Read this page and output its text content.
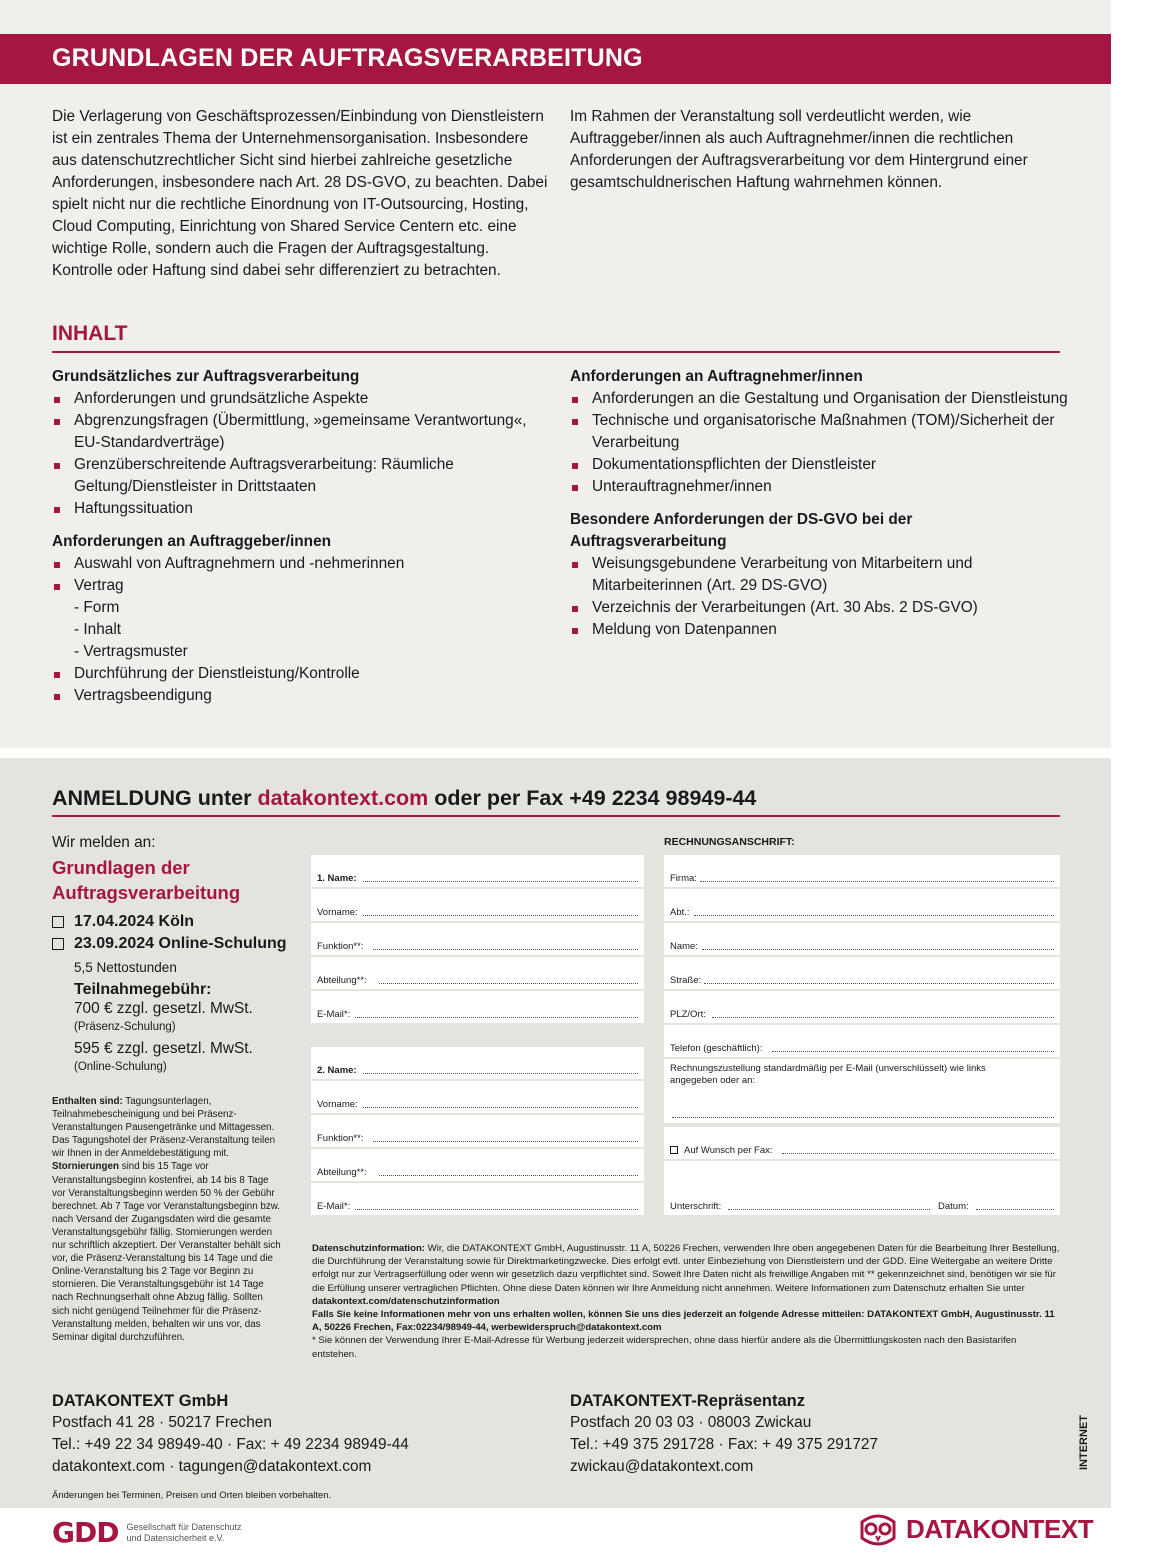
GRUNDLAGEN DER AUFTRAGSVERARBEITUNG

Die Verlagerung von Geschäftsprozessen/Einbindung von Dienstleistern ist ein zentrales Thema der Unternehmensorganisation. Insbesondere aus datenschutzrechtlicher Sicht sind hierbei zahlreiche gesetzliche Anforderungen, insbesondere nach Art. 28 DS-GVO, zu beachten. Dabei spielt nicht nur die rechtliche Einordnung von IT-Outsourcing, Hosting, Cloud Computing, Einrichtung von Shared Service Centern etc. eine wichtige Rolle, sondern auch die Fragen der Auftragsgestaltung. Kontrolle oder Haftung sind dabei sehr differenziert zu betrachten.

Im Rahmen der Veranstaltung soll verdeutlicht werden, wie Auftraggeber/innen als auch Auftragnehmer/innen die rechtlichen Anforderungen der Auftragsverarbeitung vor dem Hintergrund einer gesamtschuldnerischen Haftung wahrnehmen können.

INHALT
Grundsätzliches zur Auftragsverarbeitung
Anforderungen und grundsätzliche Aspekte
Abgrenzungsfragen (Übermittlung, »gemeinsame Verantwortung«, EU-Standardverträge)
Grenzüberschreitende Auftragsverarbeitung: Räumliche Geltung/Dienstleister in Drittstaaten
Haftungssituation
Anforderungen an Auftraggeber/innen
Auswahl von Auftragnehmern und -nehmerinnen
Vertrag
- Form
- Inhalt
- Vertragsmuster
Durchführung der Dienstleistung/Kontrolle
Vertragsbeendigung
Anforderungen an Auftragnehmer/innen
Anforderungen an die Gestaltung und Organisation der Dienstleistung
Technische und organisatorische Maßnahmen (TOM)/Sicherheit der Verarbeitung
Dokumentationspflichten der Dienstleister
Unterauftragnehmer/innen
Besondere Anforderungen der DS-GVO bei der Auftragsverarbeitung
Weisungsgebundene Verarbeitung von Mitarbeitern und Mitarbeiterinnen (Art. 29 DS-GVO)
Verzeichnis der Verarbeitungen (Art. 30 Abs. 2 DS-GVO)
Meldung von Datenpannen
ANMELDUNG unter datakontext.com oder per Fax +49 2234 98949-44
Wir melden an:
Grundlagen der Auftragsverarbeitung
17.04.2024 Köln
23.09.2024 Online-Schulung
5,5 Nettostunden
Teilnahmegebühr:
700 € zzgl. gesetzl. MwSt.
(Präsenz-Schulung)
595 € zzgl. gesetzl. MwSt.
(Online-Schulung)

Enthalten sind: Tagungsunterlagen, Teilnahmebescheinigung und bei Präsenz-Veranstaltungen Pausengetränke und Mittagessen. Das Tagungshotel der Präsenz-Veranstaltung teilen wir Ihnen in der Anmeldebestätigung mit. Stornierungen sind bis 15 Tage vor Veranstaltungsbeginn kostenfrei, ab 14 bis 8 Tage vor Veranstaltungsbeginn werden 50 % der Gebühr berechnet. Ab 7 Tage vor Veranstaltungsbeginn bzw. nach Versand der Zugangsdaten wird die gesamte Veranstaltungsgebühr fällig. Stornierungen werden nur schriftlich akzeptiert. Der Veranstalter behält sich vor, die Präsenz-Veranstaltung bis 14 Tage und die Online-Veranstaltung bis 2 Tage vor Beginn zu stornieren. Die Veranstaltungsgebühr ist 14 Tage nach Rechnungserhalt ohne Abzug fällig. Sollten sich nicht genügend Teilnehmer für die Präsenz-Veranstaltung melden, behalten wir uns vor, das Seminar digital durchzuführen.

1. Name:
Vorname:
Funktion**:
Abteilung**:
E-Mail*:
2. Name:
Vorname:
Funktion**:
Abteilung**:
E-Mail*:
RECHNUNGSANSCHRIFT:
Firma:
Abt.:
Name:
Straße:
PLZ/Ort:
Telefon (geschäftlich):
Rechnungszustellung standardmäßig per E-Mail (unverschlüsselt) wie links angegeben oder an:
Auf Wunsch per Fax:
Unterschrift:	Datum:

Datenschutzinformation: Wir, die DATAKONTEXT GmbH, Augustinusstr. 11 A, 50226 Frechen, verwenden Ihre oben angegebenen Daten für die Bearbeitung Ihrer Bestellung, die Durchführung der Veranstaltung sowie für Direktmarketingzwecke. Dies erfolgt evtl. unter Einbeziehung von Dienstleistern und der GDD. Eine Weitergabe an weitere Dritte erfolgt nur zur Vertragserfüllung oder wenn wir gesetzlich dazu verpflichtet sind. Soweit Ihre Daten nicht als freiwillige Angaben mit ** gekennzeichnet sind, benötigen wir sie für die Erfüllung unserer vertraglichen Pflichten. Ohne diese Daten können wir Ihre Anmeldung nicht annehmen. Weitere Informationen zum Datenschutz erhalten Sie unter datakontext.com/datenschutzinformation
Falls Sie keine Informationen mehr von uns erhalten wollen, können Sie uns dies jederzeit an folgende Adresse mitteilen: DATAKONTEXT GmbH, Augustinusstr. 11 A, 50226 Frechen, Fax:02234/98949-44, werbewiderspruch@datakontext.com
* Sie können der Verwendung Ihrer E-Mail-Adresse für Werbung jederzeit widersprechen, ohne dass hierfür andere als die Übermittlungskosten nach den Basistarifen entstehen.

DATAKONTEXT GmbH
Postfach 41 28 · 50217 Frechen
Tel.: +49 22 34 98949-40 · Fax: + 49 2234 98949-44
datakontext.com · tagungen@datakontext.com
DATAKONTEXT-Repräsentanz
Postfach 20 03 03 · 08003 Zwickau
Tel.: +49 375 291728 · Fax: + 49 375 291727
zwickau@datakontext.com	INTERNET
Änderungen bei Terminen, Preisen und Orten bleiben vorbehalten.
GDD Gesellschaft für Datenschutz
und Datensicherheit e.V.	DATAKONTEXT
